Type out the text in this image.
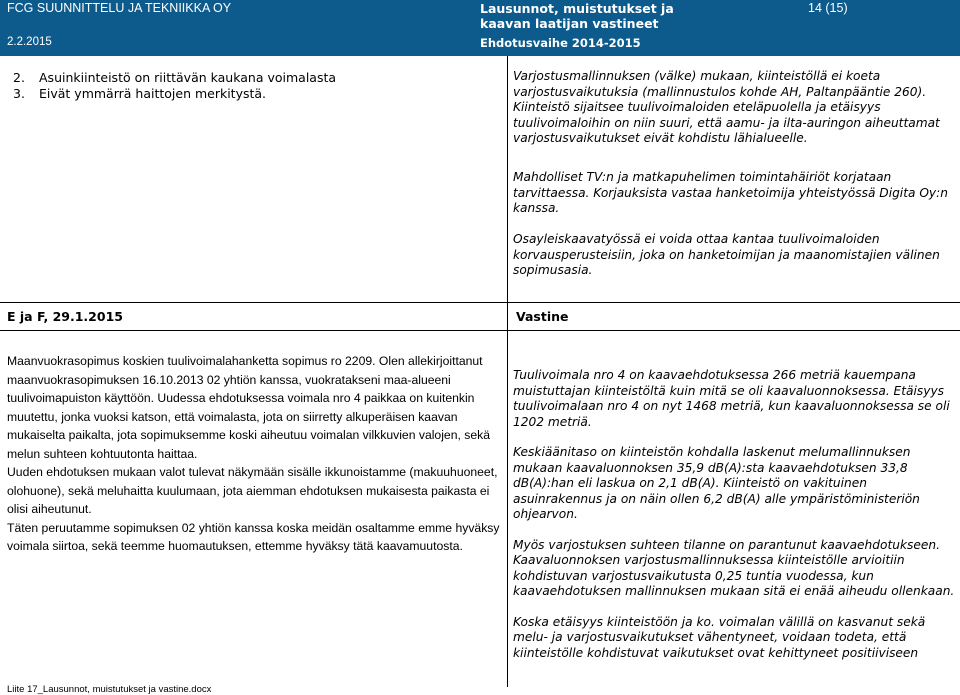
FCG SUUNNITTELU JA TEKNIIKKA OY	Lausunnot, muistutukset ja
kaavan laatijan vastineet
14 (15)
2.2.2015	Ehdotusvaihe 2014-2015
2. Asuinkiinteistö on riittävän kaukana voimalasta
3. Eivät ymmärrä haittojen merkitystä.

Varjostusmallinnuksen (välke) mukaan, kiinteistöllä ei koeta varjostusvaikutuksia (mallinnustulos kohde AH, Paltanpääntie 260). Kiinteistö sijaitsee tuulivoimaloiden eteläpuolella ja etäisyys tuulivoimaloihin on niin suuri, että aamu- ja ilta-auringon aiheuttamat varjostusvaikutukset eivät kohdistu lähialueelle.

Mahdolliset TV:n ja matkapuhelimen toimintahäiriöt korjataan tarvittaessa. Korjauksista vastaa hanketoimija yhteistyössä Digita Oy:n kanssa.

Osayleiskaavatyössä ei voida ottaa kantaa tuulivoimaloiden korvausperusteisiin, joka on hanketoimijan ja maanomistajien välinen sopimusasia.

E ja F, 29.1.2015	Vastine

Maanvuokrasopimus koskien tuulivoimalahanketta sopimus ro 2209. Olen allekirjoittanut maanvuokrasopimuksen 16.10.2013 02 yhtiön kanssa, vuokratakseni maa-alueeni tuulivoimapuiston käyttöön. Uudessa ehdotuksessa voimala nro 4 paikkaa on kuitenkin muutettu, jonka vuoksi katson, että voimalasta, jota on siirretty alkuperäisen kaavan mukaiselta paikalta, jota sopimuksemme koski aiheutuu voimalan vilkkuvien valojen, sekä melun suhteen kohtuutonta haittaa.

Uuden ehdotuksen mukaan valot tulevat näkymään sisälle ikkunoistamme (makuuhuoneet, olohuone), sekä meluhaitta kuulumaan, jota aiemman ehdotuksen mukaisesta paikasta ei olisi aiheutunut.

Täten peruutamme sopimuksen 02 yhtiön kanssa koska meidän osaltamme emme hyväksy voimala siirtoa, sekä teemme huomautuksen, ettemme hyväksy tätä kaavamuutosta.

Tuulivoimala nro 4 on kaavaehdotuksessa 266 metriä kauempana muistuttajan kiinteistöltä kuin mitä se oli kaavaluonnoksessa. Etäisyys tuulivoimalaan nro 4 on nyt 1468 metriä, kun kaavaluonnoksessa se oli 1202 metriä.

Keskiäänitaso on kiinteistön kohdalla laskenut melumallinnuksen mukaan kaavaluonnoksen 35,9 dB(A):sta kaavaehdotuksen 33,8 dB(A):han eli laskua on 2,1 dB(A). Kiinteistö on vakituinen asuinrakennus ja on näin ollen 6,2 dB(A) alle ympäristöministeriön ohjearvon.

Myös varjostuksen suhteen tilanne on parantunut kaavaehdotukseen. Kaavaluonnoksen varjostusmallinnuksessa kiinteistölle arvioitiin kohdistuvan varjostusvaikutusta 0,25 tuntia vuodessa, kun kaavaehdotuksen mallinnuksen mukaan sitä ei enää aiheudu ollenkaan.

Koska etäisyys kiinteistöön ja ko. voimalan välillä on kasvanut sekä melu- ja varjostusvaikutukset vähentyneet, voidaan todeta, että kiinteistölle kohdistuvat vaikutukset ovat kehittyneet positiiviseen

Liite 17_Lausunnot, muistutukset ja vastine.docx
